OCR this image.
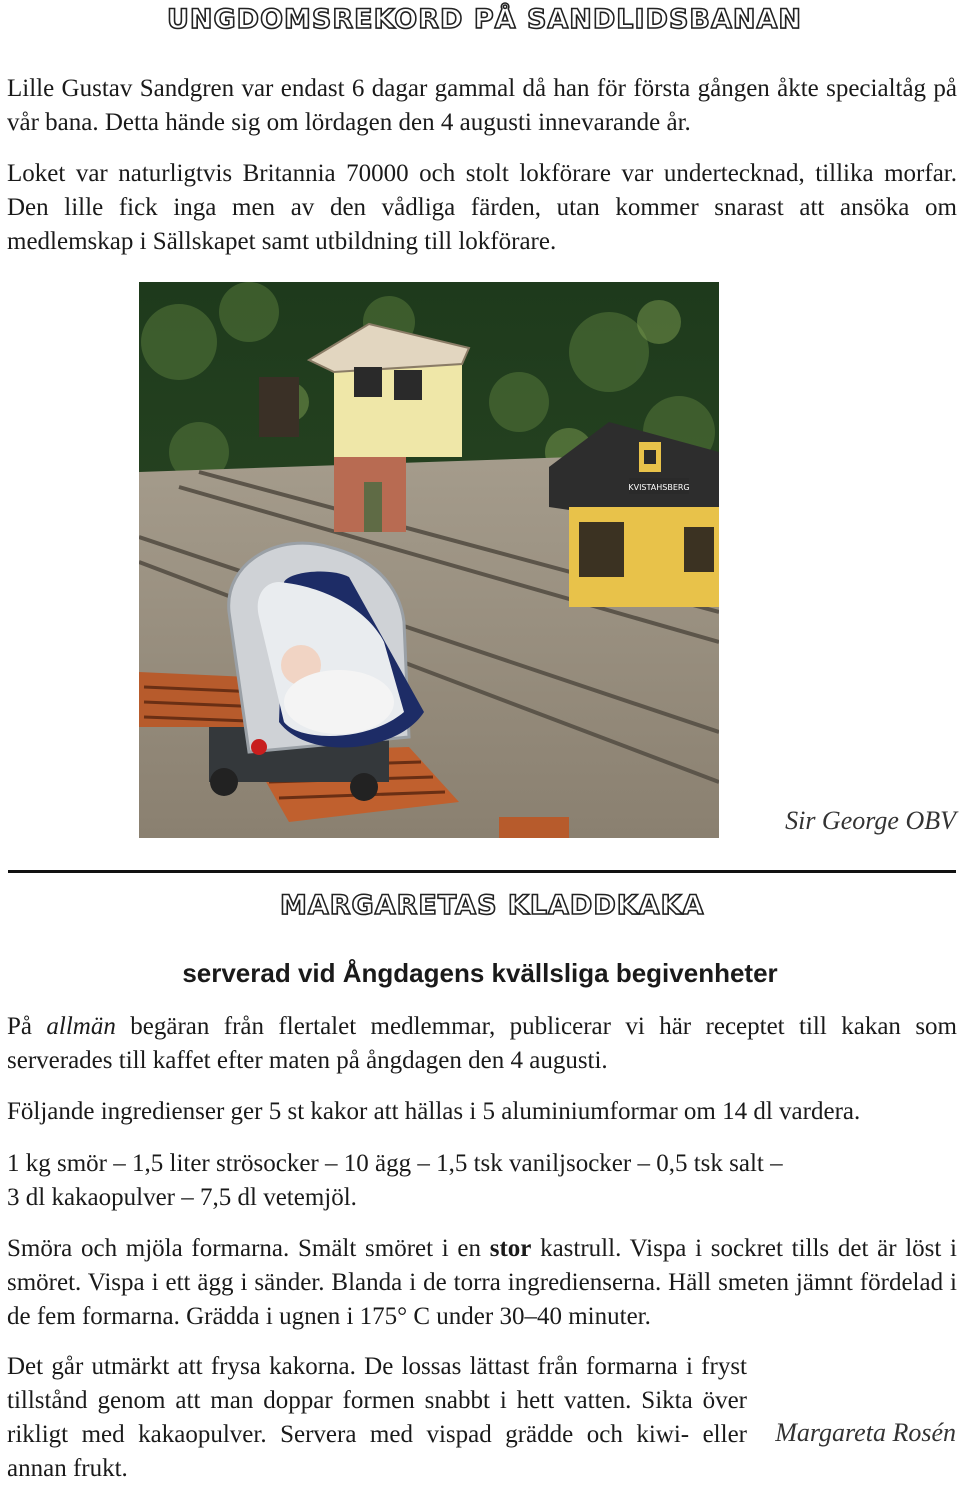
UNGDOMSREKORD PÅ SANDLIDSBANAN

Lille Gustav Sandgren var endast 6 dagar gammal då han för första gången åkte specialtåg på vår bana. Detta hände sig om lördagen den 4 augusti innevarande år.

Loket var naturligtvis Britannia 70000 och stolt lokförare var undertecknad, tillika morfar. Den lille fick inga men av den vådliga färden, utan kommer snarast att ansöka om medlemskap i Sällskapet samt utbildning till lokförare.

KVISTAHSBERG
Sir George OBV
MARGARETAS KLADDKAKA
serverad vid Ångdagens kvällsliga begivenheter

På allmän begäran från flertalet medlemmar, publicerar vi här receptet till kakan som serverades till kaffet efter maten på ångdagen den 4 augusti.

Följande ingredienser ger 5 st kakor att hällas i 5 aluminiumformar om 14 dl vardera.

1 kg smör – 1,5 liter strösocker – 10 ägg – 1,5 tsk vaniljsocker – 0,5 tsk salt –
3 dl kakaopulver – 7,5 dl vetemjöl.

Smöra och mjöla formarna. Smält smöret i en stor kastrull. Vispa i sockret tills det är löst i smöret. Vispa i ett ägg i sänder. Blanda i de torra ingredienserna. Häll smeten jämnt fördelad i de fem formarna. Grädda i ugnen i 175° C under 30–40 minuter.

Det går utmärkt att frysa kakorna. De lossas lättast från formarna i fryst tillstånd genom att man doppar formen snabbt i hett vatten. Sikta över rikligt med kakaopulver. Servera med vispad grädde och kiwi- eller annan frukt.

Margareta Rosén
